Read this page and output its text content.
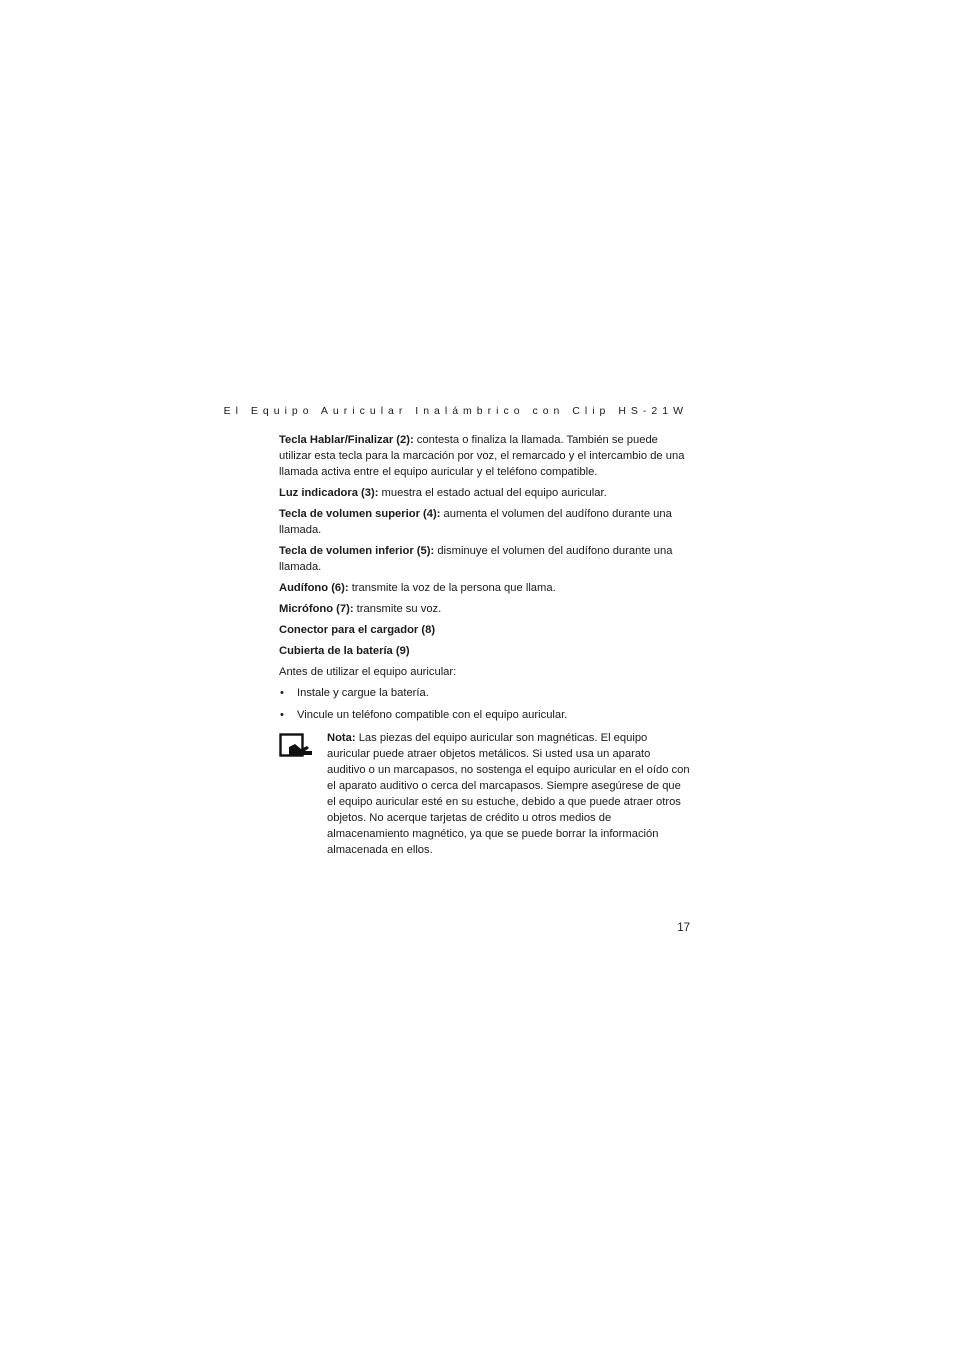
El Equipo Auricular Inalámbrico con Clip HS-21W

Tecla Hablar/Finalizar (2): contesta o finaliza la llamada. También se puede utilizar esta tecla para la marcación por voz, el remarcado y el intercambio de una llamada activa entre el equipo auricular y el teléfono compatible.

Luz indicadora (3): muestra el estado actual del equipo auricular.

Tecla de volumen superior (4): aumenta el volumen del audífono durante una llamada.

Tecla de volumen inferior (5): disminuye el volumen del audífono durante una llamada.

Audífono (6): transmite la voz de la persona que llama.

Micrófono (7): transmite su voz.

Conector para el cargador (8)

Cubierta de la batería (9)

Antes de utilizar el equipo auricular:

• Instale y cargue la batería.
• Vincule un teléfono compatible con el equipo auricular.
Nota: Las piezas del equipo auricular son magnéticas. El equipo auricular puede atraer objetos metálicos. Si usted usa un aparato auditivo o un marcapasos, no sostenga el equipo auricular en el oído con el aparato auditivo o cerca del marcapasos. Siempre asegúrese de que el equipo auricular esté en su estuche, debido a que puede atraer otros objetos. No acerque tarjetas de crédito u otros medios de almacenamiento magnético, ya que se puede borrar la información almacenada en ellos.
17
